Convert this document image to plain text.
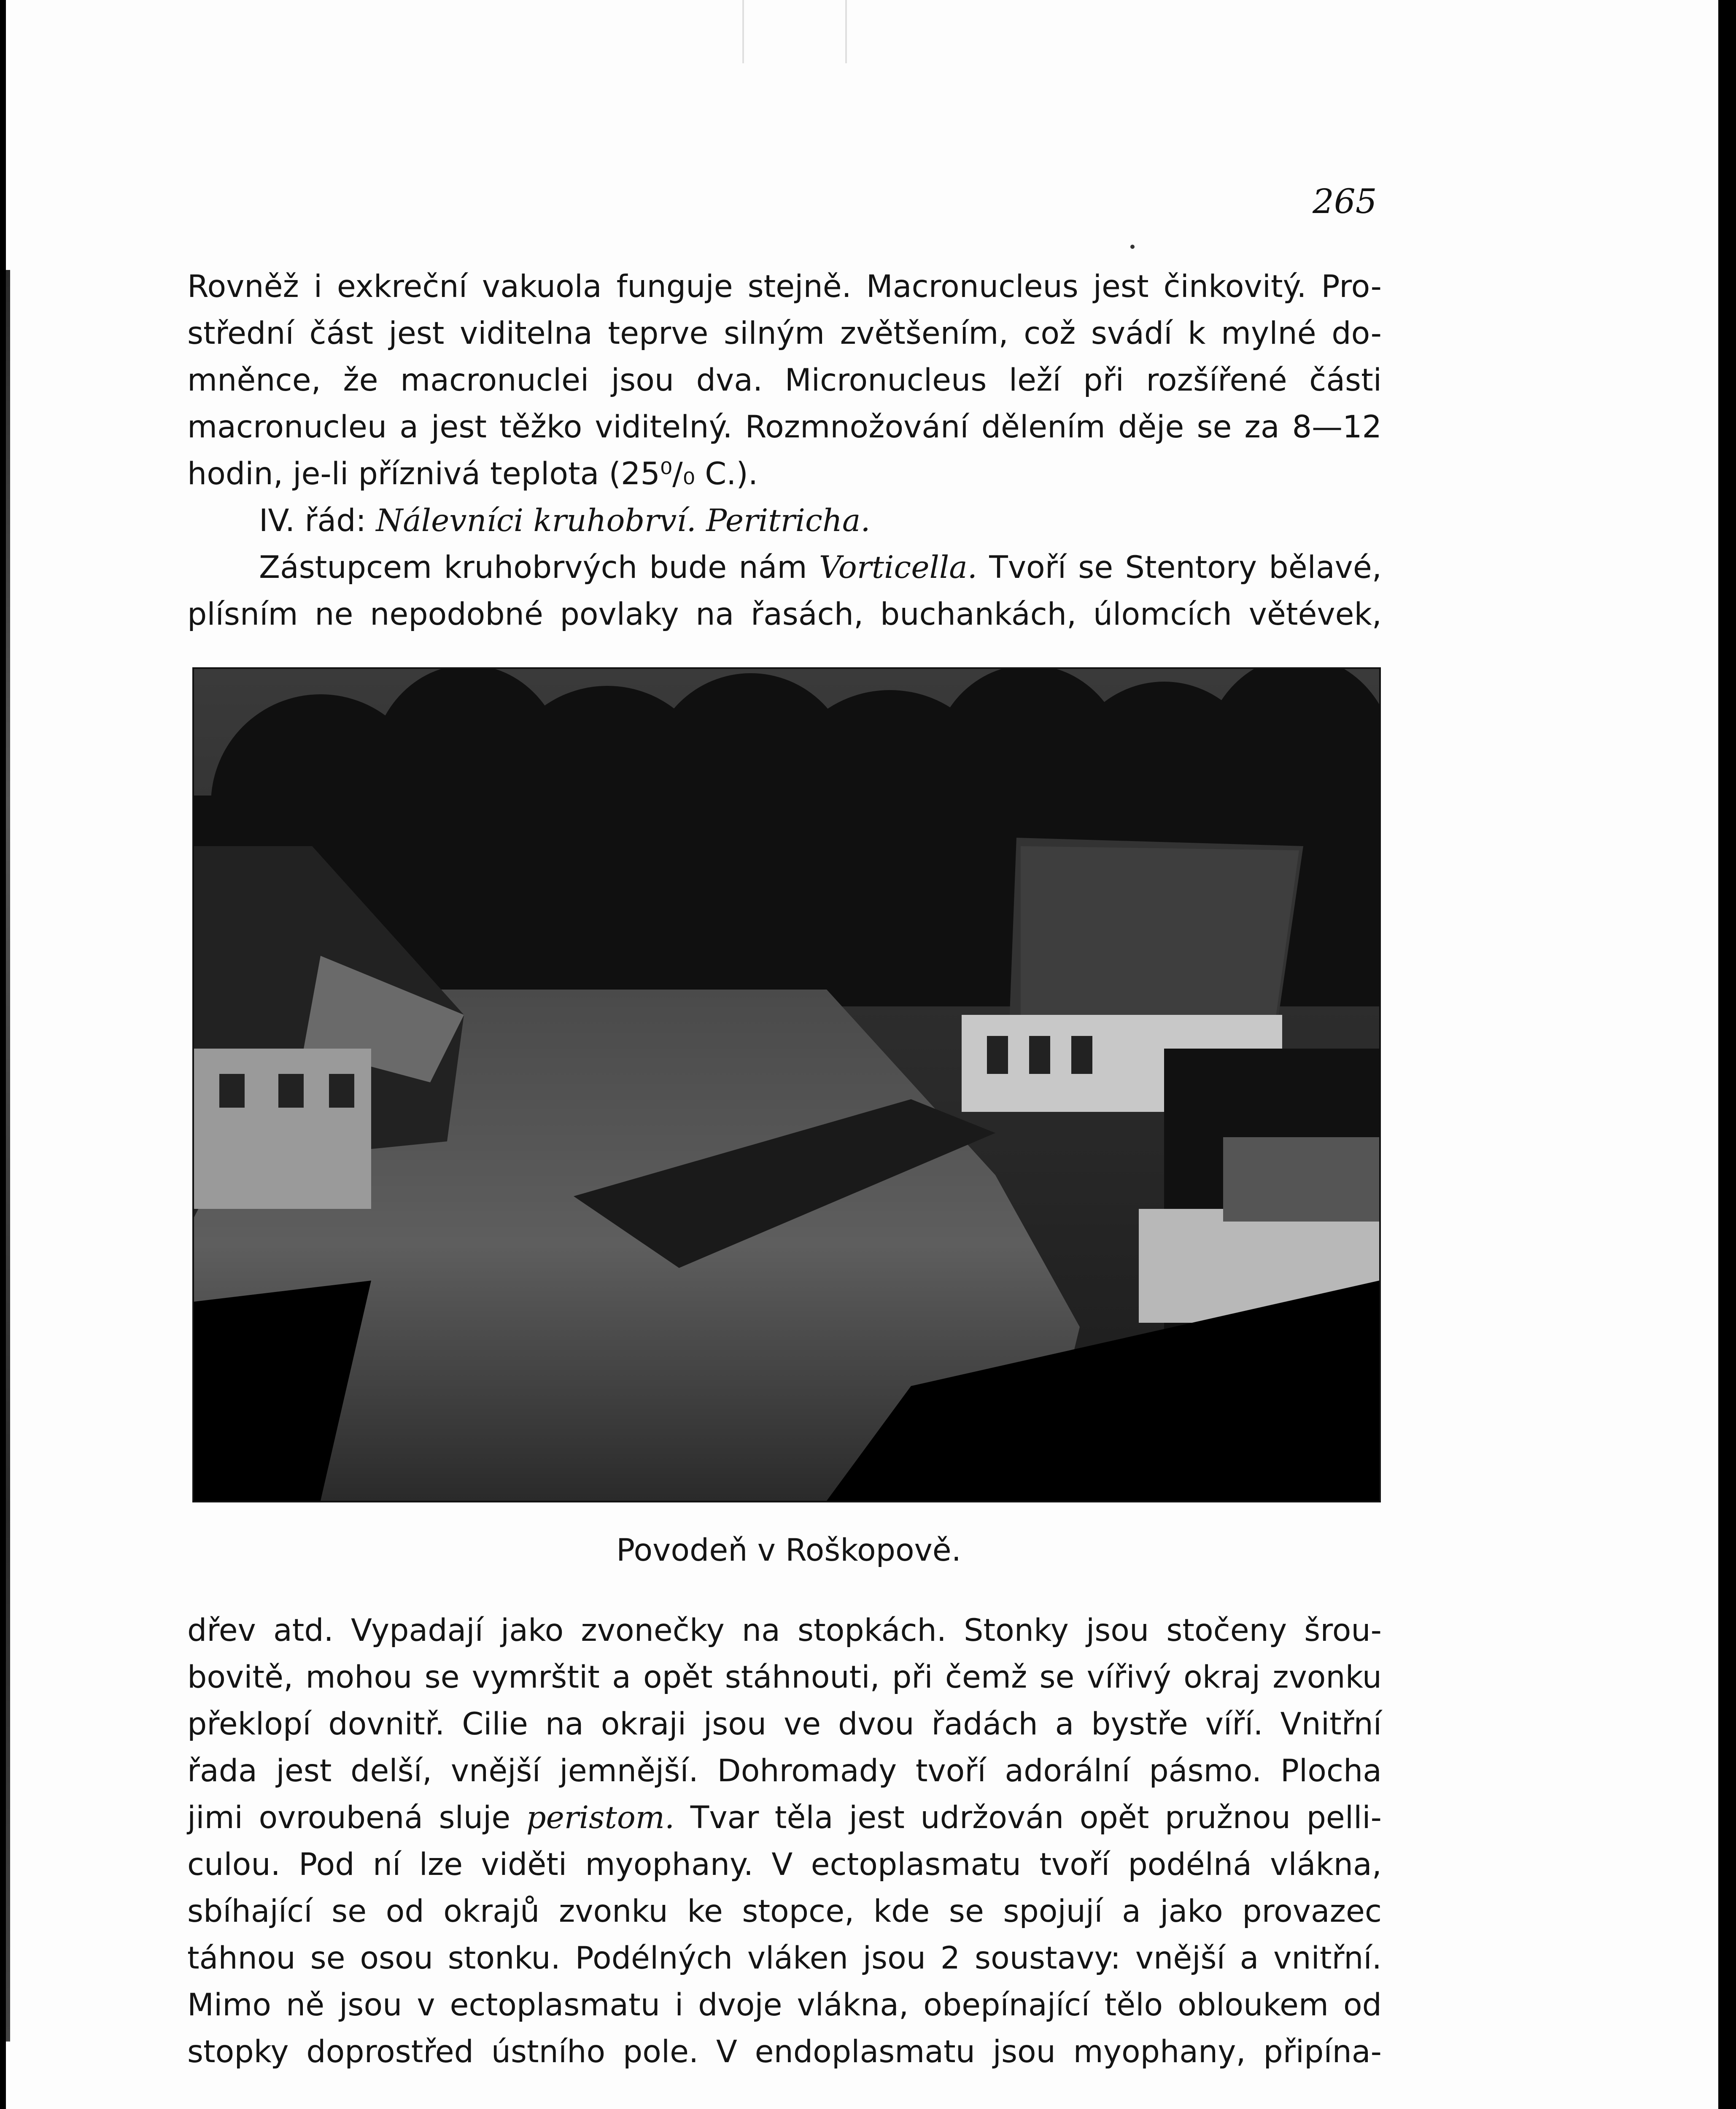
265
Rovněž i exkreční vakuola funguje stejně. Macronucleus jest činkovitý. Pro-
střední část jest viditelna teprve silným zvětšením, což svádí k mylné do-
mněnce, že macronuclei jsou dva. Micronucleus leží při rozšířené části
macronucleu a jest těžko viditelný. Rozmnožování dělením děje se za 8—12
hodin, je-li příznivá teplota (25⁰/₀ C.).
IV. řád: Nálevníci kruhobrví. Peritricha.
Zástupcem kruhobrvých bude nám Vorticella. Tvoří se Stentory bělavé,
plísním ne nepodobné povlaky na řasách, buchankách, úlomcích větévek,
Povodeň v Roškopově.
dřev atd. Vypadají jako zvonečky na stopkách. Stonky jsou stočeny šrou-
bovitě, mohou se vymrštit a opět stáhnouti, při čemž se vířivý okraj zvonku
překlopí dovnitř. Cilie na okraji jsou ve dvou řadách a bystře víří. Vnitřní
řada jest delší, vnější jemnější. Dohromady tvoří adorální pásmo. Plocha
jimi ovroubená sluje peristom. Tvar těla jest udržován opět pružnou pelli-
culou. Pod ní lze viděti myophany. V ectoplasmatu tvoří podélná vlákna,
sbíhající se od okrajů zvonku ke stopce, kde se spojují a jako provazec
táhnou se osou stonku. Podélných vláken jsou 2 soustavy: vnější a vnitřní.
Mimo ně jsou v ectoplasmatu i dvoje vlákna, obepínající tělo obloukem od
stopky doprostřed ústního pole. V endoplasmatu jsou myophany, připína-
